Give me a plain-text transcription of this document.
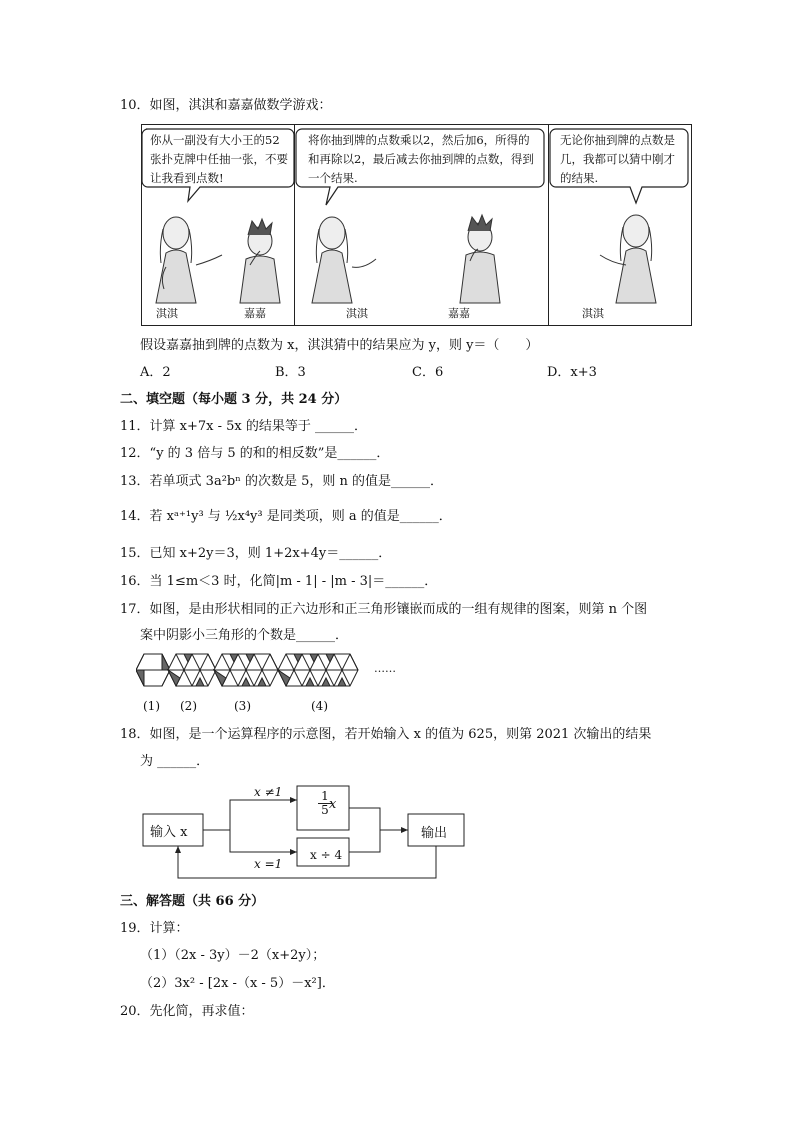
10．如图，淇淇和嘉嘉做数学游戏：
你从一副没有大小王的52张扑克牌中任抽一张，不要让我看到点数!
将你抽到牌的点数乘以2，然后加6，所得的和再除以2，最后减去你抽到牌的点数，得到一个结果.
无论你抽到牌的点数是几，我都可以猜中刚才的结果.
淇淇	嘉嘉	淇淇	嘉嘉	淇淇
假设嘉嘉抽到牌的点数为 x，淇淇猜中的结果应为 y，则 y＝（　　）
A．2	B．3	C．6	D．x+3
二、填空题（每小题 3 分，共 24 分）
11．计算 x+7x - 5x 的结果等于 ______．
12．“y 的 3 倍与 5 的和的相反数”是______．
13．若单项式 3a²bⁿ 的次数是 5，则 n 的值是______．
14．若 xᵃ⁺¹y³ 与 ½x⁴y³ 是同类项，则 a 的值是______．
15．已知 x+2y＝3，则 1+2x+4y＝______．
16．当 1≤m＜3 时，化简|m - 1| - |m - 3|＝______．
17．如图，是由形状相同的正六边形和正三角形镶嵌而成的一组有规律的图案，则第 n 个图
案中阴影小三角形的个数是______．
……
(1) (2)	(3)	(4)
18．如图，是一个运算程序的示意图，若开始输入 x 的值为 625，则第 2021 次输出的结果
为 ______．
输入 x
x ≠1
x =1
$\frac{1}{5}$
x
x ÷ 4
输出
三、解答题（共 66 分）
19．计算：
（1）（2x - 3y）－2（x+2y）；
（2）3x² - [2x -（x - 5）－x²]．
20．先化简，再求值：
